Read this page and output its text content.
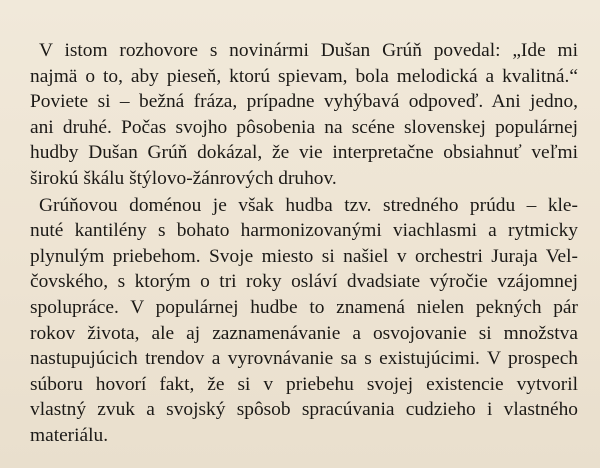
V istom rozhovore s novinármi Dušan Grúň povedal: „Ide mi
najmä o to, aby pieseň, ktorú spievam, bola melodická a kvalitná.“
Poviete si – bežná fráza, prípadne vyhýbavá odpoveď. Ani jedno,
ani druhé. Počas svojho pôsobenia na scéne slovenskej populárnej
hudby Dušan Grúň dokázal, že vie interpretačne obsiahnuť veľmi
širokú škálu štýlovo-žánrových druhov.
Grúňovou doménou je však hudba tzv. stredného prúdu – kle-
nuté kantilény s bohato harmonizovanými viachlasmi a rytmicky
plynulým priebehom. Svoje miesto si našiel v orchestri Juraja Vel-
čovského, s ktorým o tri roky osláví dvadsiate výročie vzájomnej
spolupráce. V populárnej hudbe to znamená nielen pekných pár
rokov života, ale aj zaznamenávanie a osvojovanie si množstva
nastupujúcich trendov a vyrovnávanie sa s existujúcimi. V prospech
súboru hovorí fakt, že si v priebehu svojej existencie vytvoril
vlastný zvuk a svojský spôsob spracúvania cudzieho i vlastného
materiálu.
